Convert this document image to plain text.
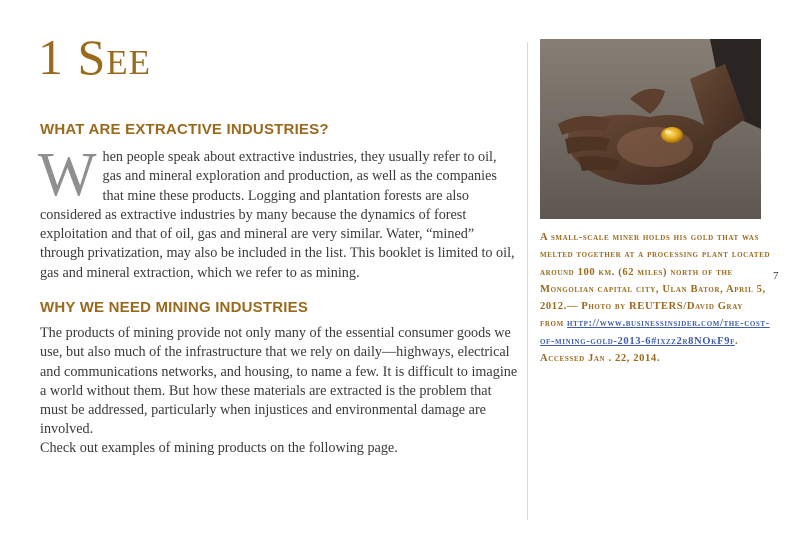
1 See
WHAT ARE EXTRACTIVE INDUSTRIES?

When people speak about extractive industries, they usually refer to oil, gas and mineral exploration and production, as well as the companies that mine these products. Logging and plantation forests are also considered as extractive industries by many because the dynamics of forest exploitation and that of oil, gas and mineral are very similar. Water, “mined” through privatization, may also be included in the list. This booklet is limited to oil, gas and mineral extraction, which we refer to as mining.

WHY WE NEED MINING INDUSTRIES

The products of mining provide not only many of the essential consumer goods we use, but also much of the infrastructure that we rely on daily—highways, electrical and communications networks, and housing, to name a few. It is difficult to imagine a world without them. But how these materials are extracted is the problem that must be addressed, particularly when injustices and environmental damage are involved.

Check out examples of mining products on the following page.

A small-scale miner holds his gold that was melted together at a processing plant located around 100 km. (62 miles) north of the Mongolian capital city, Ulan Bator, April 5, 2012.— Photo by REUTERS/David Gray
from http://www.businessinsider.com/the-cost-of-mining-gold-2013-6#ixzz2r8NOkF9f. Accessed Jan . 22, 2014.

7
